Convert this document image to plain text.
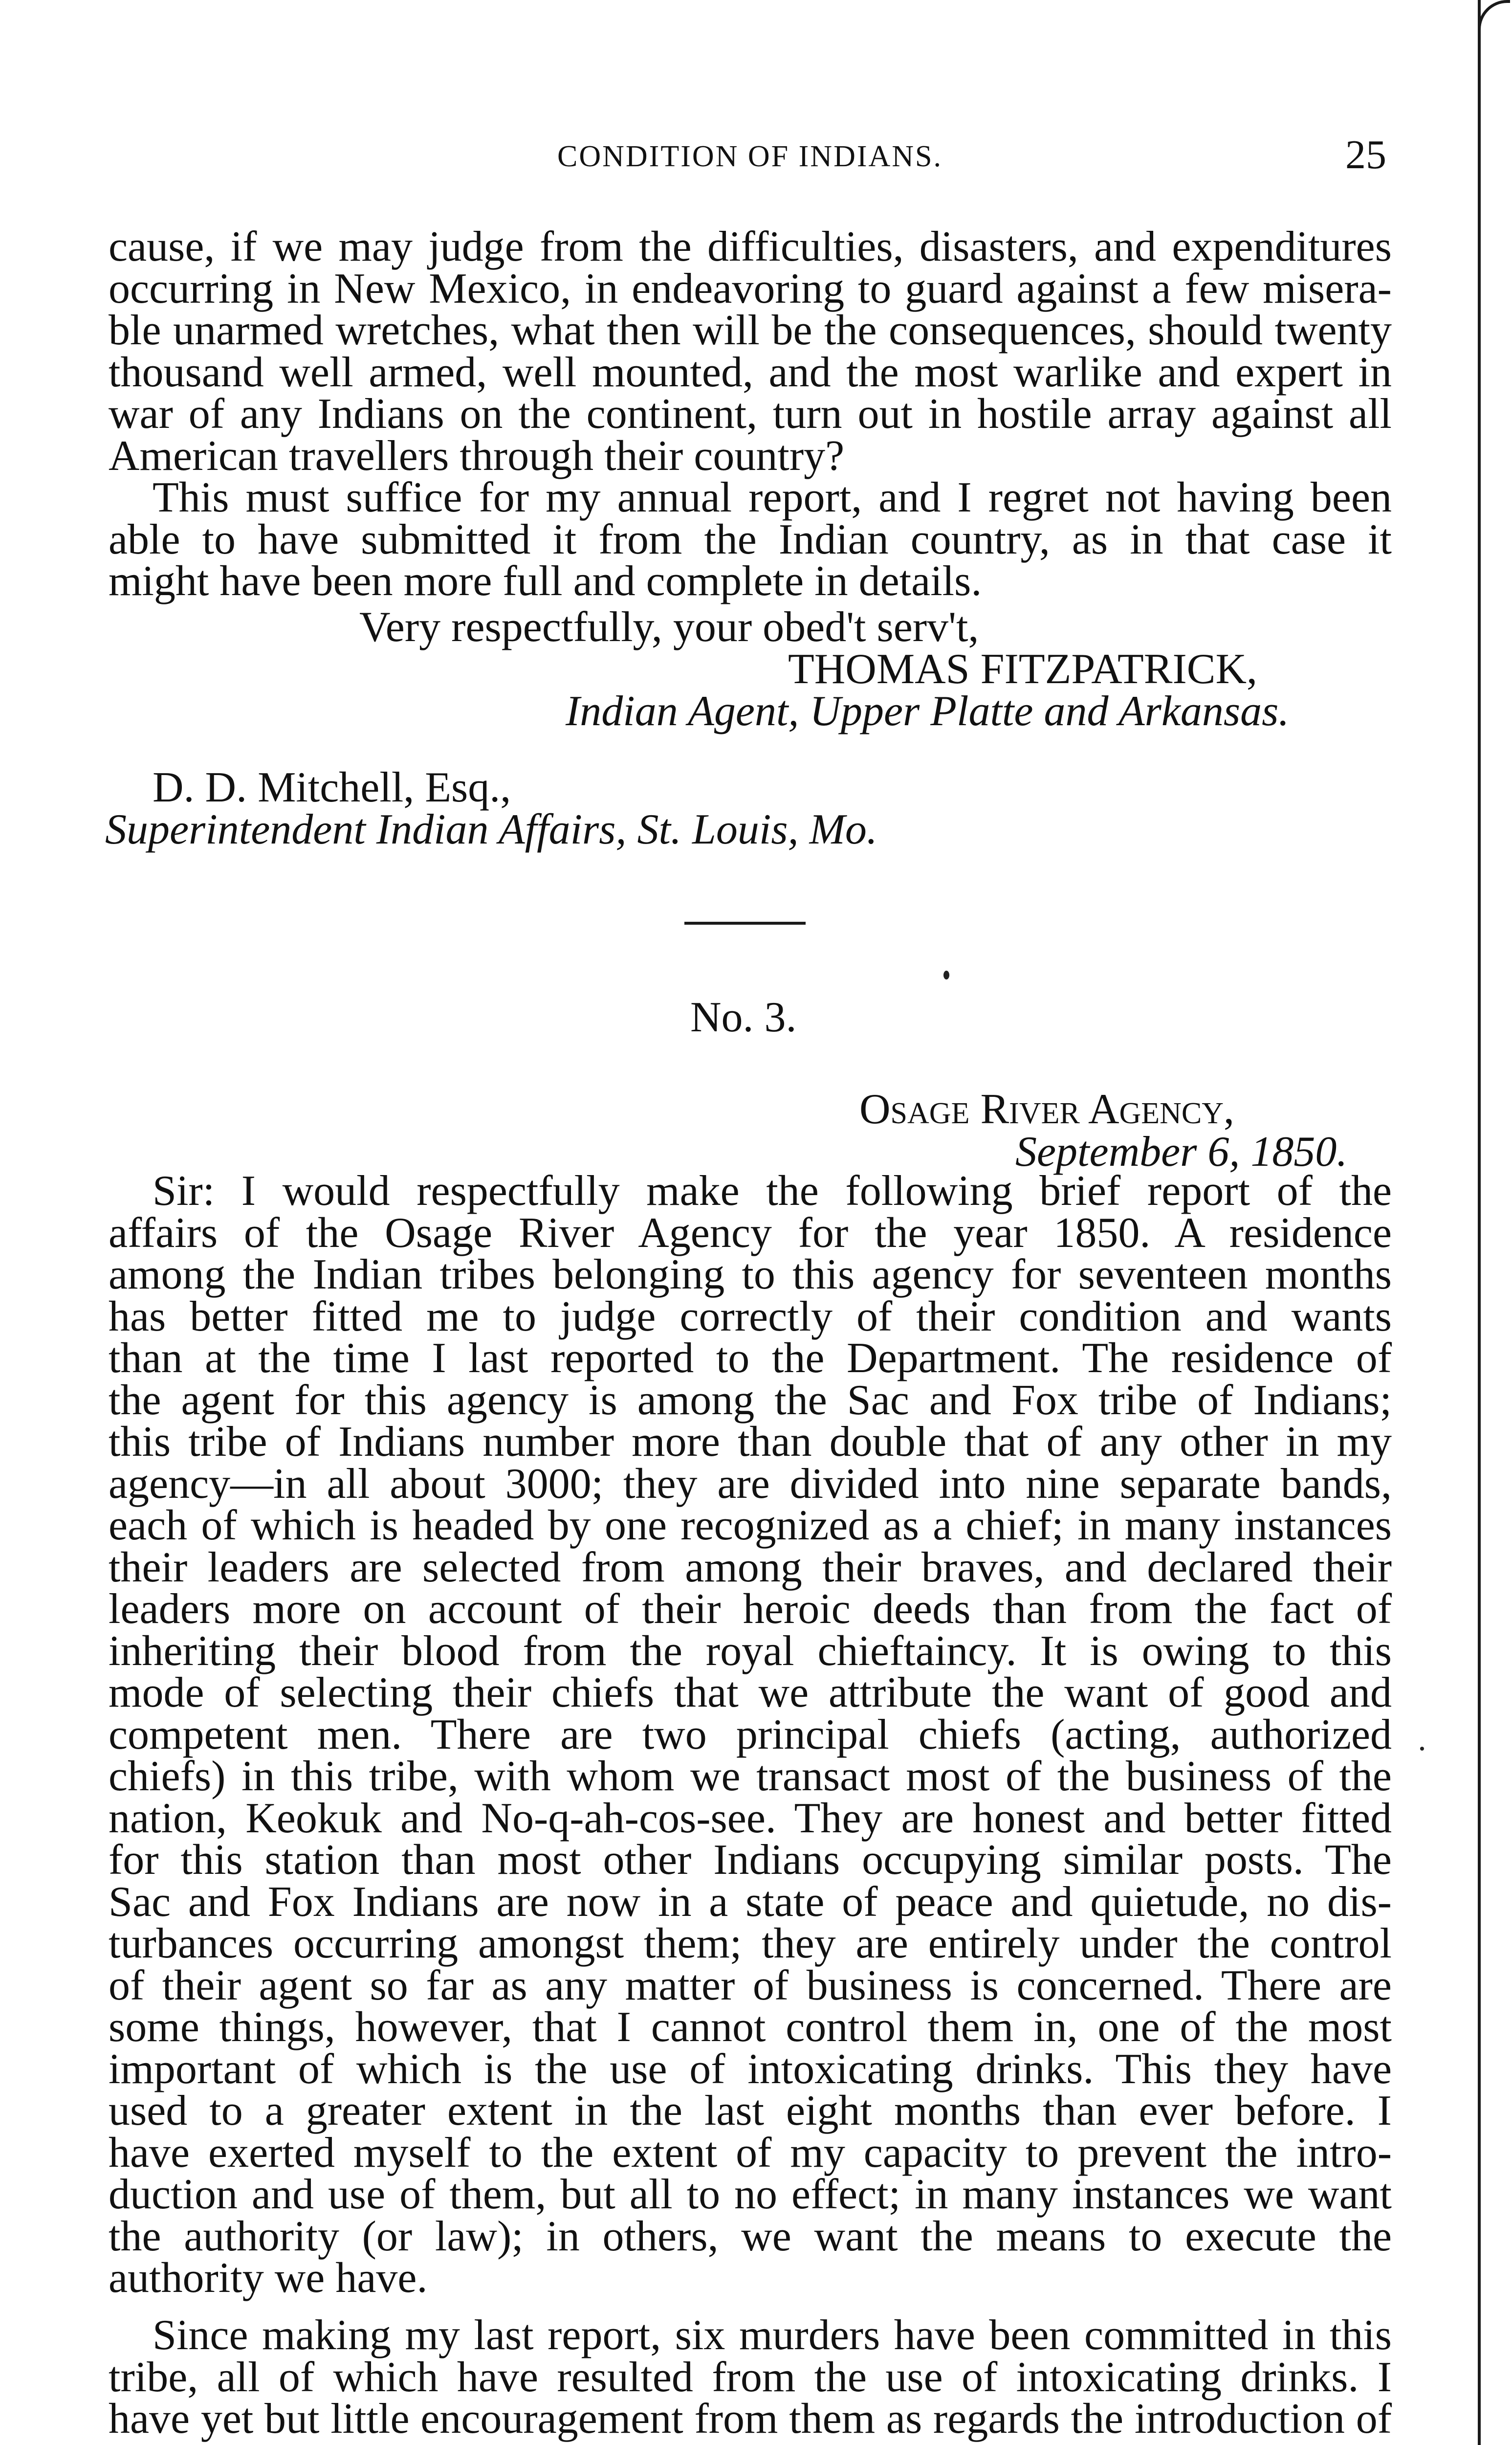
CONDITION OF INDIANS.	25
cause, if we may judge from the difficulties, disasters, and expenditures
occurring in New Mexico, in endeavoring to guard against a few misera-
ble unarmed wretches, what then will be the consequences, should twenty
thousand well armed, well mounted, and the most warlike and expert in
war of any Indians on the continent, turn out in hostile array against all
American travellers through their country?
This must suffice for my annual report, and I regret not having been
able to have submitted it from the Indian country, as in that case it
might have been more full and complete in details.
Very respectfully, your obed't serv't,
THOMAS FITZPATRICK,
Indian Agent, Upper Platte and Arkansas.
D. D. Mitchell, Esq.,
Superintendent Indian Affairs, St. Louis, Mo.
No. 3.
Osage River Agency,
September 6, 1850.
Sir: I would respectfully make the following brief report of the
affairs of the Osage River Agency for the year 1850. A residence
among the Indian tribes belonging to this agency for seventeen months
has better fitted me to judge correctly of their condition and wants
than at the time I last reported to the Department. The residence of
the agent for this agency is among the Sac and Fox tribe of Indians;
this tribe of Indians number more than double that of any other in my
agency—in all about 3000; they are divided into nine separate bands,
each of which is headed by one recognized as a chief; in many instances
their leaders are selected from among their braves, and declared their
leaders more on account of their heroic deeds than from the fact of
inheriting their blood from the royal chieftaincy. It is owing to this
mode of selecting their chiefs that we attribute the want of good and
competent men. There are two principal chiefs (acting, authorized
chiefs) in this tribe, with whom we transact most of the business of the
nation, Keokuk and No-q-ah-cos-see. They are honest and better fitted
for this station than most other Indians occupying similar posts. The
Sac and Fox Indians are now in a state of peace and quietude, no dis-
turbances occurring amongst them; they are entirely under the control
of their agent so far as any matter of business is concerned. There are
some things, however, that I cannot control them in, one of the most
important of which is the use of intoxicating drinks. This they have
used to a greater extent in the last eight months than ever before. I
have exerted myself to the extent of my capacity to prevent the intro-
duction and use of them, but all to no effect; in many instances we want
the authority (or law); in others, we want the means to execute the
authority we have.
Since making my last report, six murders have been committed in this
tribe, all of which have resulted from the use of intoxicating drinks. I
have yet but little encouragement from them as regards the introduction of
